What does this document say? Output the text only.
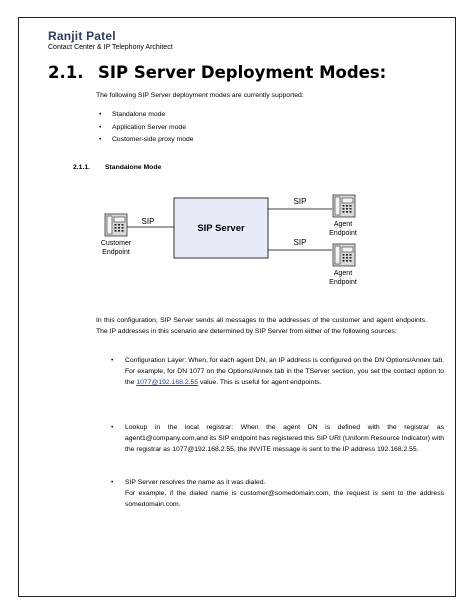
Ranjit Patel
Contact Center & IP Telephony Architect
2.1. SIP Server Deployment Modes:
The following SIP Server deployment modes are currently supported:
• Standalone mode
• Application Server mode
• Customer-side proxy mode
2.1.1. Standalone Mode
Customer
Endpoint
SIP
SIP Server
SIP
SIP
Agent
Endpoint
Agent
Endpoint
In this configuration, SIP Server sends all messages to the addresses of the customer and agent endpoints. The IP addresses in this scenario are determined by SIP Server from either of the following sources:
• Configuration Layer: When, for each agent DN, an IP address is configured on the DN Options/Annex tab. For example, for DN 1077 on the Options/Annex tab in the TServer section, you set the contact option to the 1077@192.168.2.55 value. This is useful for agent endpoints.
• Lookup in the local registrar: When the agent DN is defined with the registrar as agent1@company.com,and its SIP endpoint has registered this SIP URI (Uniform Resource Indicator) with the registrar as 1077@192.168.2.55, the INVITE message is sent to the IP address 192.168.2.55.
• SIP Server resolves the name as it was dialed.
For example, if the dialed name is customer@somedomain.com, the request is sent to the address somedomain.com.
